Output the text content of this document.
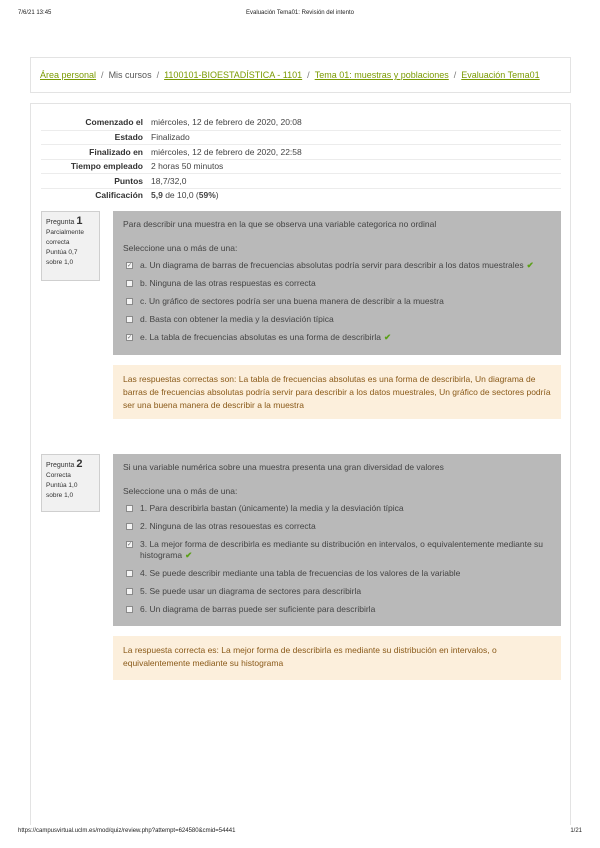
7/6/21 13:45	Evaluación Tema01: Revisión del intento
Área personal / Mis cursos / 1100101-BIOESTADÍSTICA - 1101 / Tema 01: muestras y poblaciones / Evaluación Tema01
Comenzado el miércoles, 12 de febrero de 2020, 20:08
Estado Finalizado
Finalizado en miércoles, 12 de febrero de 2020, 22:58
Tiempo empleado 2 horas 50 minutos
Puntos 18,7/32,0
Calificación 5,9 de 10,0 (59%)
Pregunta 1
Parcialmente correcta
Puntúa 0,7 sobre 1,0
Para describir una muestra en la que se observa una variable categorica no ordinal
Seleccione una o más de una:
✓ a. Un diagrama de barras de frecuencias absolutas podría servir para describir a los datos muestrales ✔
b. Ninguna de las otras respuestas es correcta
c. Un gráfico de sectores podría ser una buena manera de describir a la muestra
d. Basta con obtener la media y la desviación típica
✓ e. La tabla de frecuencias absolutas es una forma de describirla ✔
Las respuestas correctas son: La tabla de frecuencias absolutas es una forma de describirla, Un diagrama de barras de frecuencias absolutas podría servir para describir a los datos muestrales, Un gráfico de sectores podría ser una buena manera de describir a la muestra
Pregunta 2
Correcta
Puntúa 1,0 sobre 1,0
Si una variable numérica sobre una muestra presenta una gran diversidad de valores
Seleccione una o más de una:
1. Para describirla bastan (únicamente) la media y la desviación típica
2. Ninguna de las otras resouestas es correcta
✓ 3. La mejor forma de describirla es mediante su distribución en intervalos, o equivalentemente mediante su histograma ✔
4. Se puede describir mediante una tabla de frecuencias de los valores de la variable
5. Se puede usar un diagrama de sectores para describirla
6. Un diagrama de barras puede ser suficiente para describirla
La respuesta correcta es: La mejor forma de describirla es mediante su distribución en intervalos, o equivalentemente mediante su histograma
https://campusvirtual.uclm.es/mod/quiz/review.php?attempt=624580&cmid=54441	1/21
